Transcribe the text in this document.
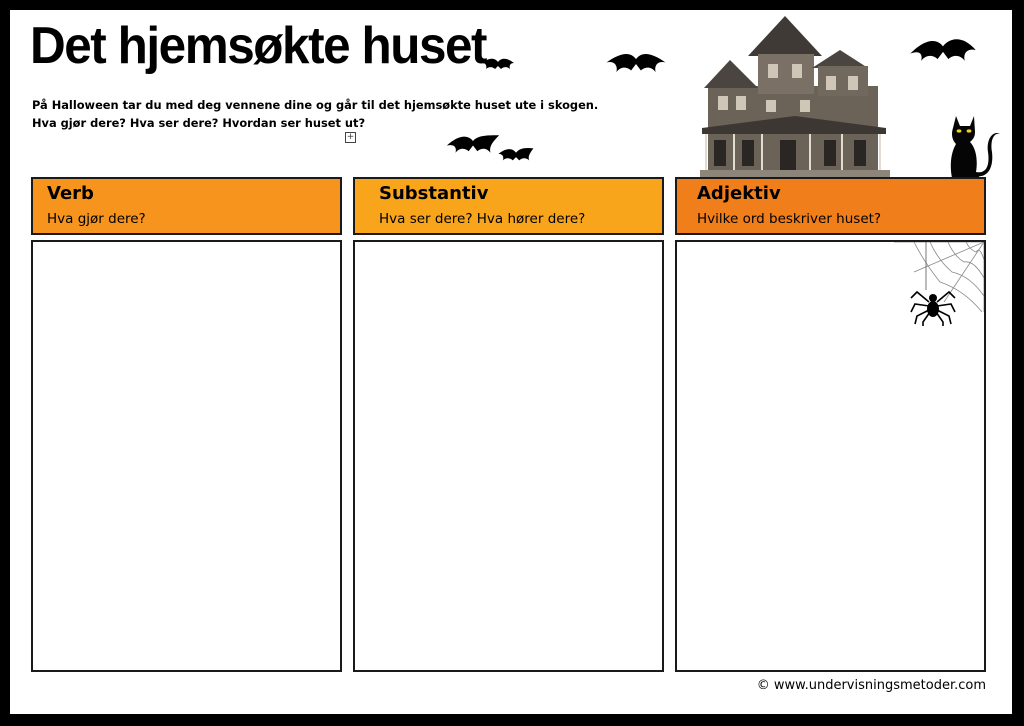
Det hjemsøkte huset
På Halloween tar du med deg vennene dine og går til det hjemsøkte huset ute i skogen.
Hva gjør dere? Hva ser dere? Hvordan ser huset ut?
+
Verb
Hva gjør dere?
Substantiv
Hva ser dere? Hva hører dere?
Adjektiv
Hvilke ord beskriver huset?
© www.undervisningsmetoder.com
